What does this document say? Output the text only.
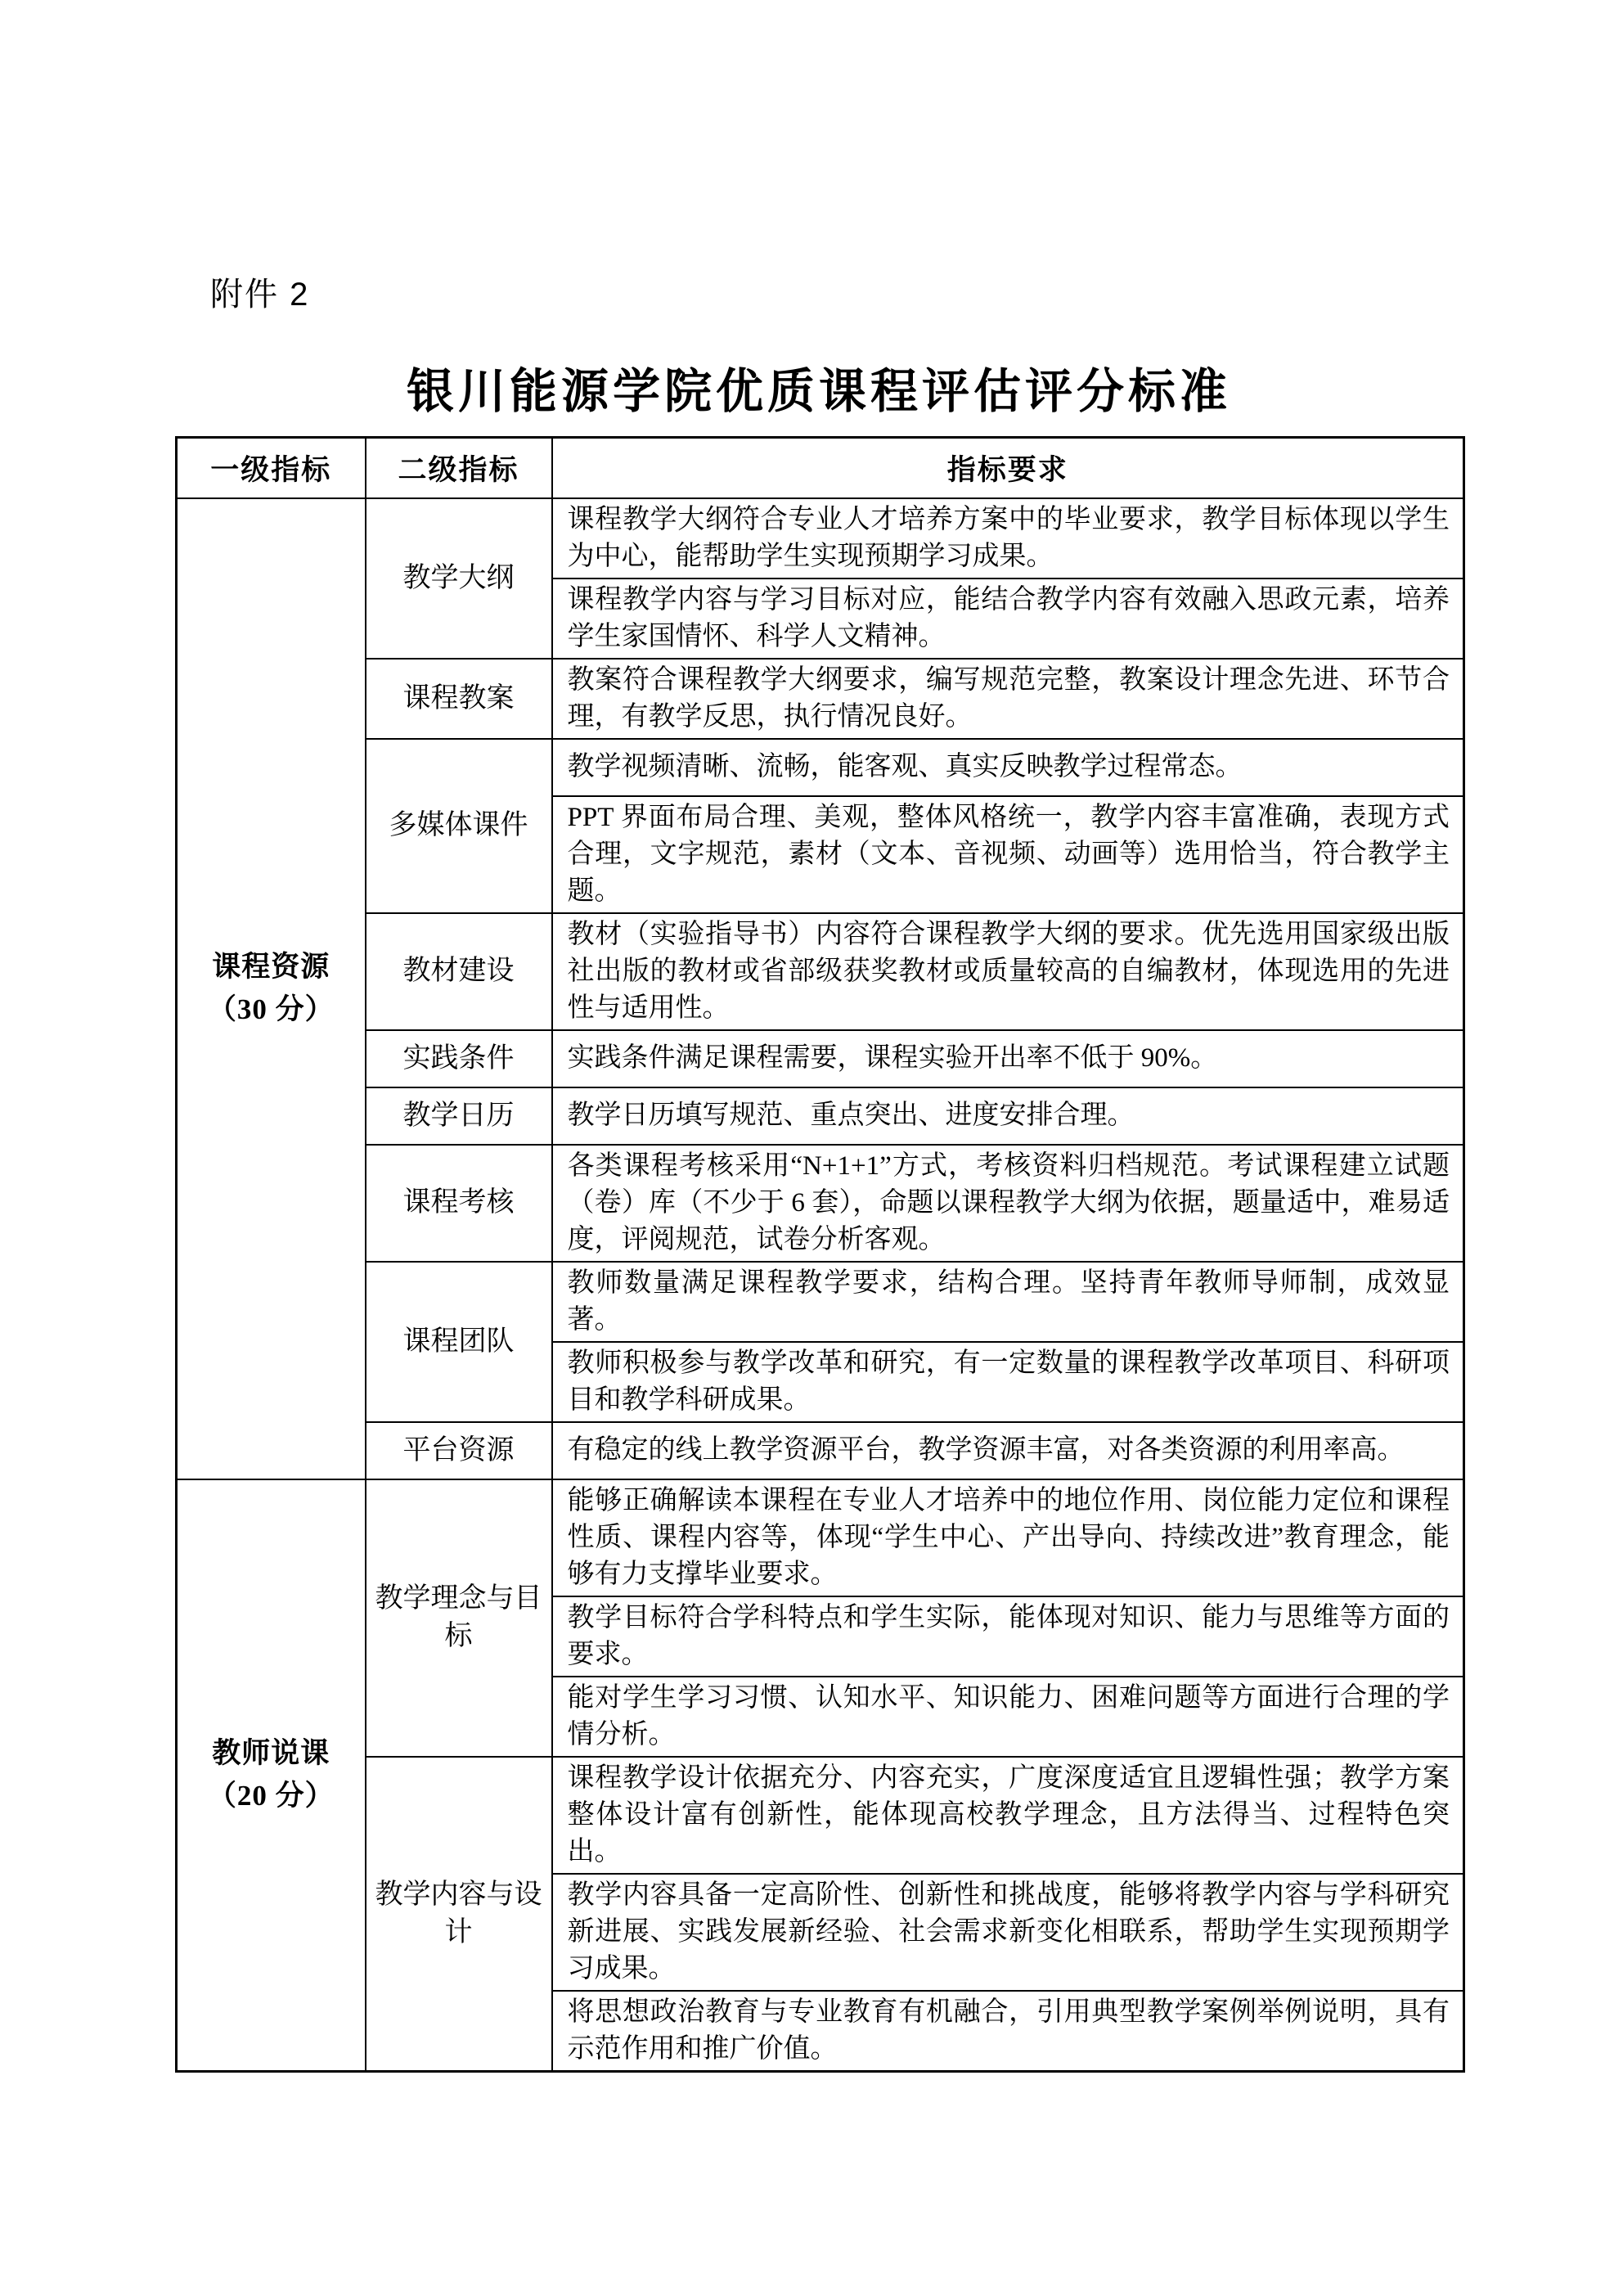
附件 2
银川能源学院优质课程评估评分标准
一级指标	二级指标	指标要求

课程资源
（30 分）	教学大纲	课程教学大纲符合专业人才培养方案中的毕业要求，教学目标体现以学生为中心，能帮助学生实现预期学习成果。
		课程教学内容与学习目标对应，能结合教学内容有效融入思政元素，培养学生家国情怀、科学人文精神。
	课程教案	教案符合课程教学大纲要求，编写规范完整，教案设计理念先进、环节合理，有教学反思，执行情况良好。
	多媒体课件	教学视频清晰、流畅，能客观、真实反映教学过程常态。
		PPT 界面布局合理、美观，整体风格统一，教学内容丰富准确，表现方式合理，文字规范，素材（文本、音视频、动画等）选用恰当，符合教学主题。
	教材建设	教材（实验指导书）内容符合课程教学大纲的要求。优先选用国家级出版社出版的教材或省部级获奖教材或质量较高的自编教材，体现选用的先进性与适用性。
	实践条件	实践条件满足课程需要，课程实验开出率不低于 90%。
	教学日历	教学日历填写规范、重点突出、进度安排合理。
	课程考核	各类课程考核采用“N+1+1”方式，考核资料归档规范。考试课程建立试题（卷）库（不少于 6 套），命题以课程教学大纲为依据，题量适中，难易适度，评阅规范，试卷分析客观。
	课程团队	教师数量满足课程教学要求，结构合理。坚持青年教师导师制，成效显著。
		教师积极参与教学改革和研究，有一定数量的课程教学改革项目、科研项目和教学科研成果。
	平台资源	有稳定的线上教学资源平台，教学资源丰富，对各类资源的利用率高。

教师说课
（20 分）	教学理念与目标	能够正确解读本课程在专业人才培养中的地位作用、岗位能力定位和课程性质、课程内容等，体现“学生中心、产出导向、持续改进”教育理念，能够有力支撑毕业要求。
		教学目标符合学科特点和学生实际，能体现对知识、能力与思维等方面的要求。
		能对学生学习习惯、认知水平、知识能力、困难问题等方面进行合理的学情分析。
	教学内容与设计	课程教学设计依据充分、内容充实，广度深度适宜且逻辑性强；教学方案整体设计富有创新性，能体现高校教学理念，且方法得当、过程特色突出。
		教学内容具备一定高阶性、创新性和挑战度，能够将教学内容与学科研究新进展、实践发展新经验、社会需求新变化相联系，帮助学生实现预期学习成果。
		将思想政治教育与专业教育有机融合，引用典型教学案例举例说明，具有示范作用和推广价值。
